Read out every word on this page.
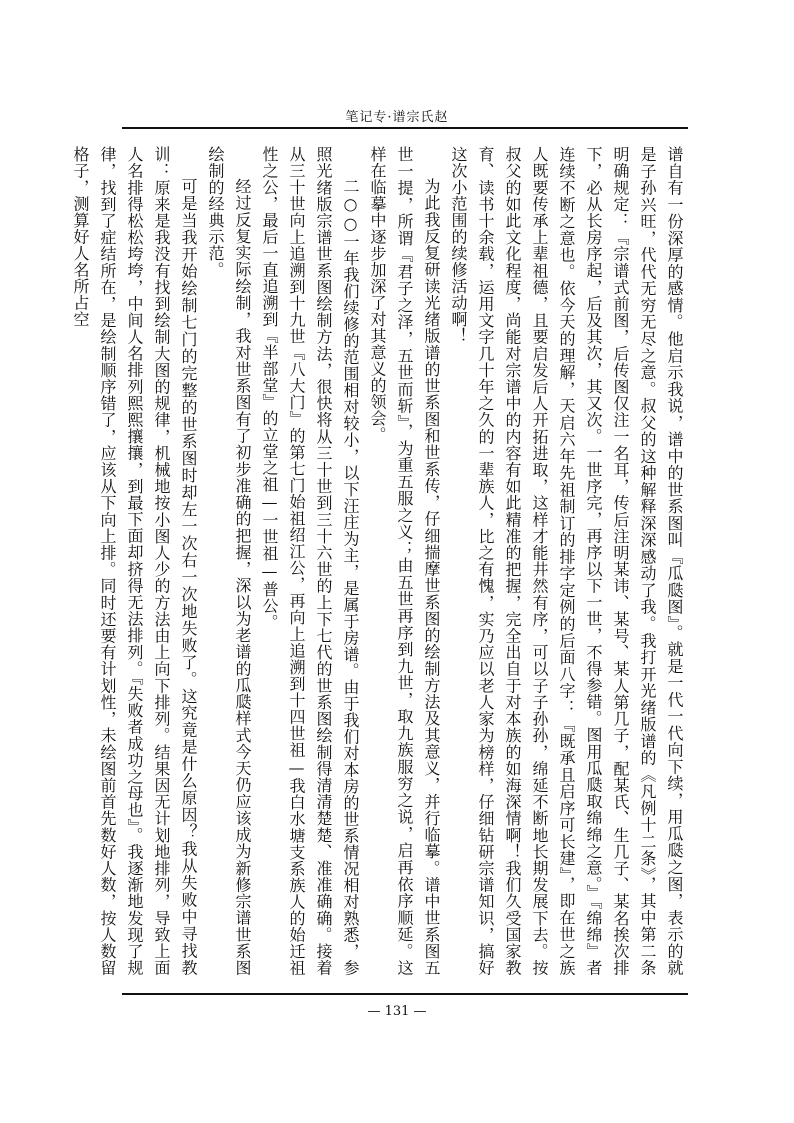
笔记专·谱宗氏赵

谱自有一份深厚的感情。他启示我说，谱中的世系图叫『瓜瓞图』。就是一代一代向下续，用瓜瓞之图，表示的就是子孙兴旺，代代无穷无尽之意。叔父的这种解释深深感动了我。我打开光绪版谱的《凡例十二条》，其中第二条明确规定：『宗谱式前图，后传图仅注一名耳，传后注明某讳、某号、某人第几子，配某氏、生几子、某名挨次排下，必从长房序起，后及其次，其又次。一世序完，再序以下一世，不得参错。图用瓜瓞取绵绵之意。』『绵绵』者连续不断之意也。依今天的理解，天启六年先祖制订的排字定例的后面八字：『既承且启序可长建』，即在世之族人既要传承上辈祖德，且要启发后人开拓进取，这样才能井然有序，可以子子孙孙，绵延不断地长期发展下去。按叔父的如此文化程度，尚能对宗谱中的内容有如此精准的把握，完全出自于对本族的如海深情啊！我们久受国家教育、读书十余载，运用文字几十年之久的一辈族人，比之有愧，实乃应以老人家为榜样，仔细钻研宗谱知识，搞好这次小范围的续修活动啊！

为此我反复研读光绪版谱的世系图和世系传，仔细揣摩世系图的绘制方法及其意义，并行临摹。谱中世系图五世一提，所谓『君子之泽，五世而斩』，为重五服之义；由五世再序到九世，取九族服穷之说，启再依序顺延。这样在临摹中逐步加深了对其意义的领会。

二○○一年我们续修的范围相对较小，以下汪庄为主，是属于房谱。由于我们对本房的世系情况相对熟悉，参照光绪版宗谱世系图绘制方法，很快将从三十世到三十六世的上下七代的世系图绘制得清清楚楚、准准确确。接着从三十世向上追溯到十九世『八大门』的第七门始祖绍江公，再向上追溯到十四世祖—我白水塘支系族人的始迁祖性之公，最后一直追溯到『半部堂』的立堂之祖—一世祖—普公。

经过反复实际绘制，我对世系图有了初步准确的把握，深以为老谱的瓜瓞样式今天仍应该成为新修宗谱世系图绘制的经典示范。

可是当我开始绘制七门的完整的世系图时却左一次右一次地失败了。这究竟是什么原因？我从失败中寻找教训：原来是我没有找到绘制大图的规律，机械地按小图人少的方法由上向下排列。结果因无计划地排列，导致上面人名排得松松垮垮，中间人名排列熙熙攘攘，到最下面却挤得无法排列。『失败者成功之母也』。我逐渐地发现了规律，找到了症结所在，是绘制顺序错了，应该从下向上排。同时还要有计划性，未绘图前首先数好人数，按人数留格子，测算好人名所占空

— 131 —
